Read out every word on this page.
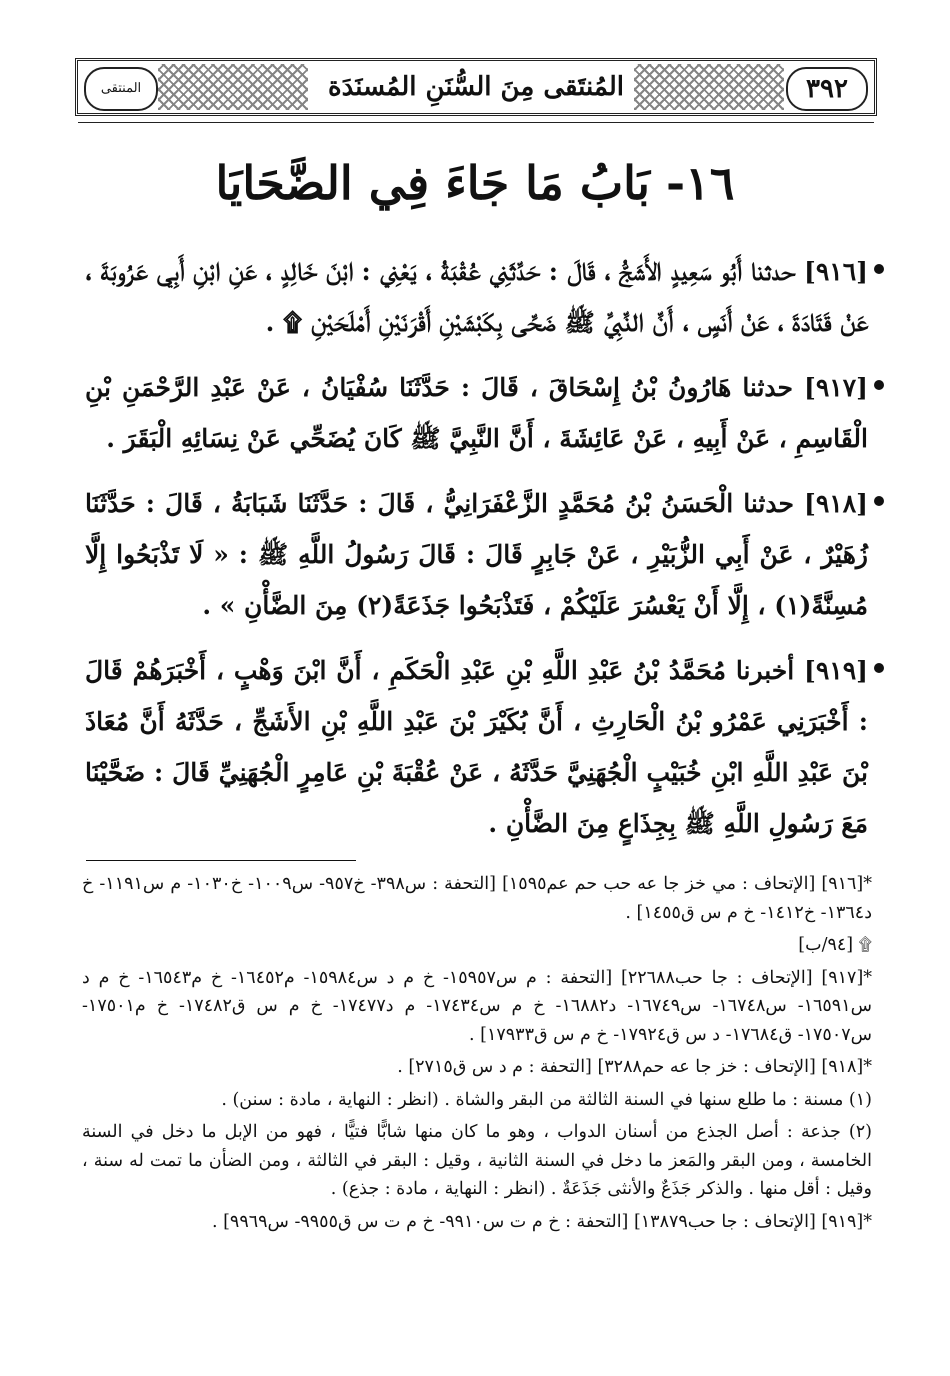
٣٩٢
المُنتَقى مِنَ السُّنَنِ المُسنَدَة
المنتقى
١٦- بَابُ مَا جَاءَ فِي الضَّحَايَا

[٩١٦] حدثنا أَبُو سَعِيدٍ الأَشَجُّ ، قَالَ : حَدَّثَنِي عُقْبَةُ ، يَعْنِي : ابْنَ خَالِدٍ ، عَنِ ابْنِ أَبِي عَرُوبَةَ ، عَنْ قَتَادَةَ ، عَنْ أَنَسٍ ، أَنَّ النَّبِيَّ ﷺ ضَحَّى بِكَبْشَيْنِ أَقْرَنَيْنِ أَمْلَحَيْنِ ۩ .

[٩١٧] حدثنا هَارُونُ بْنُ إِسْحَاقَ ، قَالَ : حَدَّثَنَا سُفْيَانُ ، عَنْ عَبْدِ الرَّحْمَنِ بْنِ الْقَاسِمِ ، عَنْ أَبِيهِ ، عَنْ عَائِشَةَ ، أَنَّ النَّبِيَّ ﷺ كَانَ يُضَحِّي عَنْ نِسَائِهِ الْبَقَرَ .

[٩١٨] حدثنا الْحَسَنُ بْنُ مُحَمَّدٍ الزَّعْفَرَانِيُّ ، قَالَ : حَدَّثَنَا شَبَابَةُ ، قَالَ : حَدَّثَنَا زُهَيْرٌ ، عَنْ أَبِي الزُّبَيْرِ ، عَنْ جَابِرٍ قَالَ : قَالَ رَسُولُ اللَّهِ ﷺ : « لَا تَذْبَحُوا إِلَّا مُسِنَّةً(١) ، إِلَّا أَنْ يَعْسُرَ عَلَيْكُمْ ، فَتَذْبَحُوا جَذَعَةً(٢) مِنَ الضَّأْنِ » .

[٩١٩] أخبرنا مُحَمَّدُ بْنُ عَبْدِ اللَّهِ بْنِ عَبْدِ الْحَكَمِ ، أَنَّ ابْنَ وَهْبٍ ، أَخْبَرَهُمْ قَالَ : أَخْبَرَنِي عَمْرُو بْنُ الْحَارِثِ ، أَنَّ بُكَيْرَ بْنَ عَبْدِ اللَّهِ بْنِ الأَشَجِّ ، حَدَّثَهُ أَنَّ مُعَاذَ بْنَ عَبْدِ اللَّهِ ابْنِ خُبَيْبٍ الْجُهَنِيَّ حَدَّثَهُ ، عَنْ عُقْبَةَ بْنِ عَامِرٍ الْجُهَنِيِّ قَالَ : ضَحَّيْنَا مَعَ رَسُولِ اللَّهِ ﷺ بِجِذَاعٍ مِنَ الضَّأْنِ .

*[٩١٦] [الإتحاف : مي خز جا عه حب حم عم١٥٩٥] [التحفة : س٣٩٨- خ٩٥٧- س١٠٠٩- خ١٠٣٠- م س١١٩١- خ د١٣٦٤- خ١٤١٢- خ م س ق١٤٥٥] .

۩ [٩٤/ب]

*[٩١٧] [الإتحاف : جا حب٢٢٦٨٨] [التحفة : م س١٥٩٥٧- خ م د س١٥٩٨٤- م١٦٤٥٢- خ م١٦٥٤٣- خ م د س١٦٥٩١- س١٦٧٤٨- س١٦٧٤٩- د١٦٨٨٢- خ م س١٧٤٣٤- م د١٧٤٧٧- خ م س ق١٧٤٨٢- خ م١٧٥٠١- س١٧٥٠٧- ق١٧٦٨٤- د س ق١٧٩٢٤- خ م س ق١٧٩٣٣] .

*[٩١٨] [الإتحاف : خز جا عه حم٣٢٨٨] [التحفة : م د س ق٢٧١٥] .

(١) مسنة : ما طلع سنها في السنة الثالثة من البقر والشاة . (انظر : النهاية ، مادة : سنن) .

(٢) جذعة : أصل الجذع من أسنان الدواب ، وهو ما كان منها شابًّا فتيًّا ، فهو من الإبل ما دخل في السنة الخامسة ، ومن البقر والمَعز ما دخل في السنة الثانية ، وقيل : البقر في الثالثة ، ومن الضأن ما تمت له سنة ، وقيل : أقل منها . والذكر جَذَعٌ والأنثى جَذَعَةٌ . (انظر : النهاية ، مادة : جذع) .

*[٩١٩] [الإتحاف : جا حب١٣٨٧٩] [التحفة : خ م ت س٩٩١٠- خ م ت س ق٩٩٥٥- س٩٩٦٩] .
